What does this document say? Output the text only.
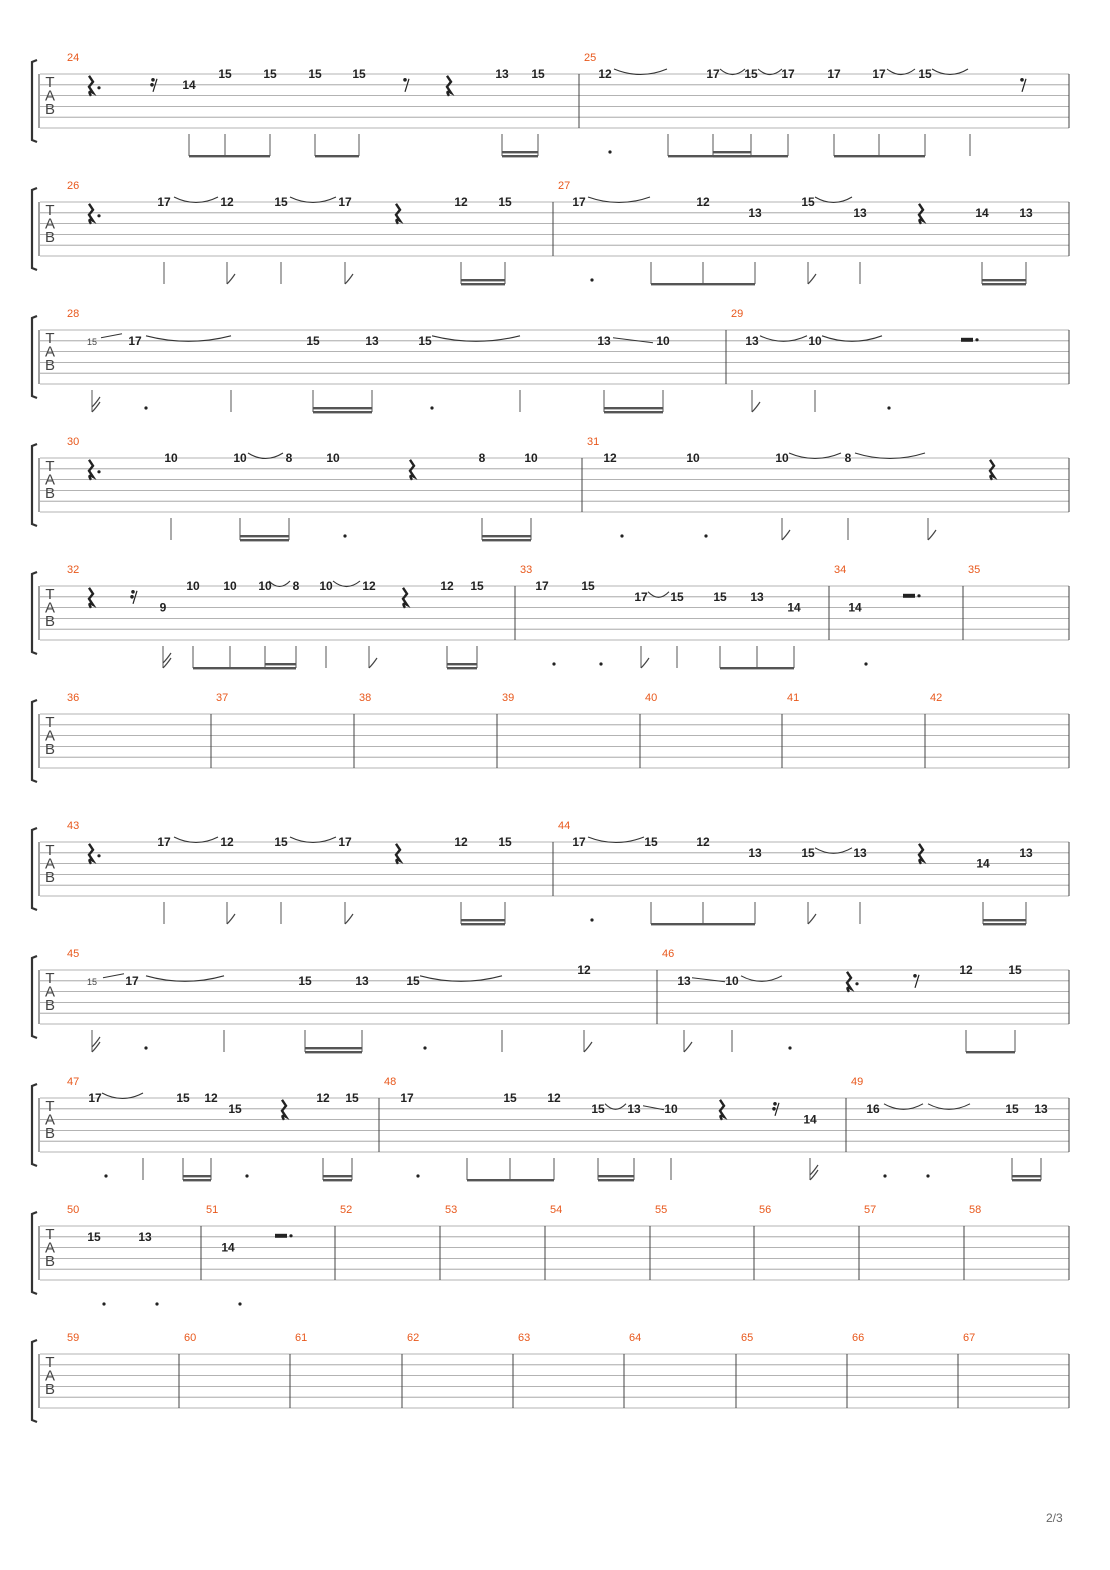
T
A
B
24
14
15	15	15	15	13 15
25
12	17 15 17	17	17	15
T
A
B
26
17	12	15	17	12	15
27
17	12
13
15
13	14	13
T
A
B
28
15	17	15	13	15	13	10
29
13	10
T
A
B
30
10	10	8	10	8	10
31
12	10	10	8
T
A
B
32
9
10 10 10 8 10 12	12 15
33
17	15
17 15 15 13
14
34
14
35
T
A
B
36	37	38	39	40	41	42
T
A
B
43
17	12	15	17	12	15
44
17	15	12
13	15	13
14
13
T
A
B
45
15 17	15	13	15
12
46
13	10
12	15
T
A
B
47
17	15 12
15
12 15
48
17	15	12
15 13 10
14
49
16	15 13
T
A
B
50
15	13
51
14
52	53	54	55	56	57	58
T
A
B
59	60	61	62	63	64	65	66	67
2/3
